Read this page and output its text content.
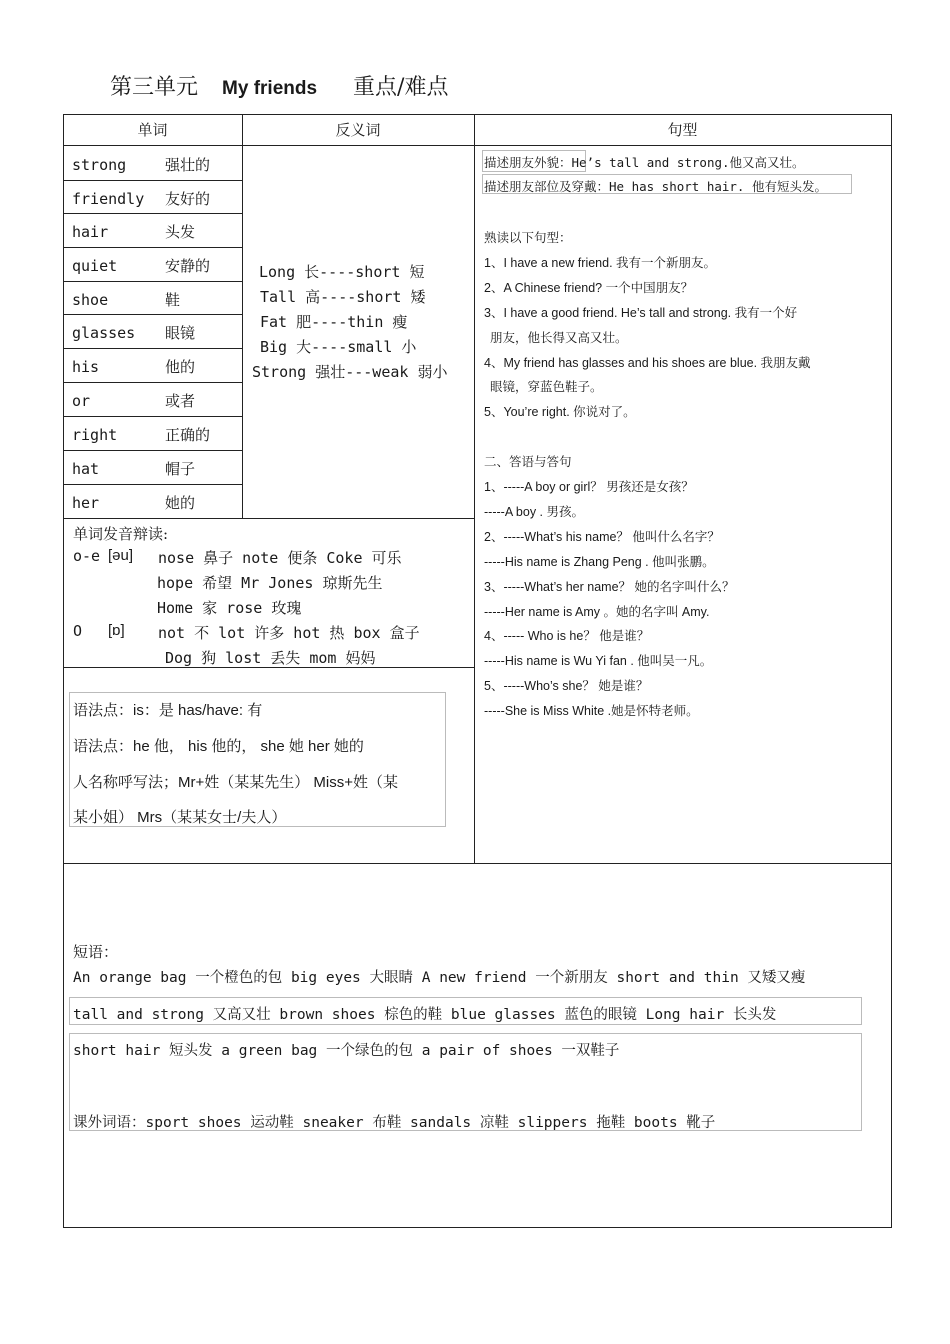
第三单元 My friends 重点/难点
单词	反义词	句型
strong	强壮的
friendly 友好的
hair	头发
quiet	安静的
shoe	鞋
glasses 眼镜
his	他的
or	或者
right	正确的
hat	帽子
her	她的
Long 长----short 短
Tall 高----short 矮
Fat 肥----thin 瘦
Big 大----small 小
Strong 强壮---weak 弱小
单词发音辩读:
o-e [əu] nose 鼻子 note 便条 Coke 可乐
hope 希望 Mr Jones 琼斯先生
Home 家 rose 玫瑰
O [ɒ] not 不 lot 许多 hot 热 box 盒子
Dog 狗 lost 丢失 mom 妈妈
语法点：is：是 has/have: 有
语法点：he 他， his 他的， she 她 her 她的
人名称呼写法；Mr+姓（某某先生） Miss+姓（某
某小姐） Mrs（某某女士/夫人）
描述朋友外貌：He’s tall and strong.他又高又壮。
描述朋友部位及穿戴：He has short hair. 他有短头发。
熟读以下句型：
1、I have a new friend. 我有一个新朋友。
2、A Chinese friend? 一个中国朋友？
3、I have a good friend. He’s tall and strong. 我有一个好
朋友，他长得又高又壮。
4、My friend has glasses and his shoes are blue. 我朋友戴
眼镜，穿蓝色鞋子。
5、You’re right. 你说对了。
二、答语与答句
1、-----A boy or girl？ 男孩还是女孩？
-----A boy . 男孩。
2、-----What’s his name？ 他叫什么名字？
-----His name is Zhang Peng . 他叫张鹏。
3、-----What’s her name？ 她的名字叫什么？
-----Her name is Amy 。她的名字叫 Amy.
4、----- Who is he？ 他是谁？
-----His name is Wu Yi fan . 他叫吴一凡。
5、-----Who’s she？ 她是谁？
-----She is Miss White .她是怀特老师。
短语：
An orange bag 一个橙色的包 big eyes 大眼睛 A new friend 一个新朋友 short and thin 又矮又瘦
tall and strong 又高又壮 brown shoes 棕色的鞋 blue glasses 蓝色的眼镜 Long hair 长头发
short hair 短头发 a green bag 一个绿色的包 a pair of shoes 一双鞋子
课外词语：sport shoes 运动鞋 sneaker 布鞋 sandals 凉鞋 slippers 拖鞋 boots 靴子
